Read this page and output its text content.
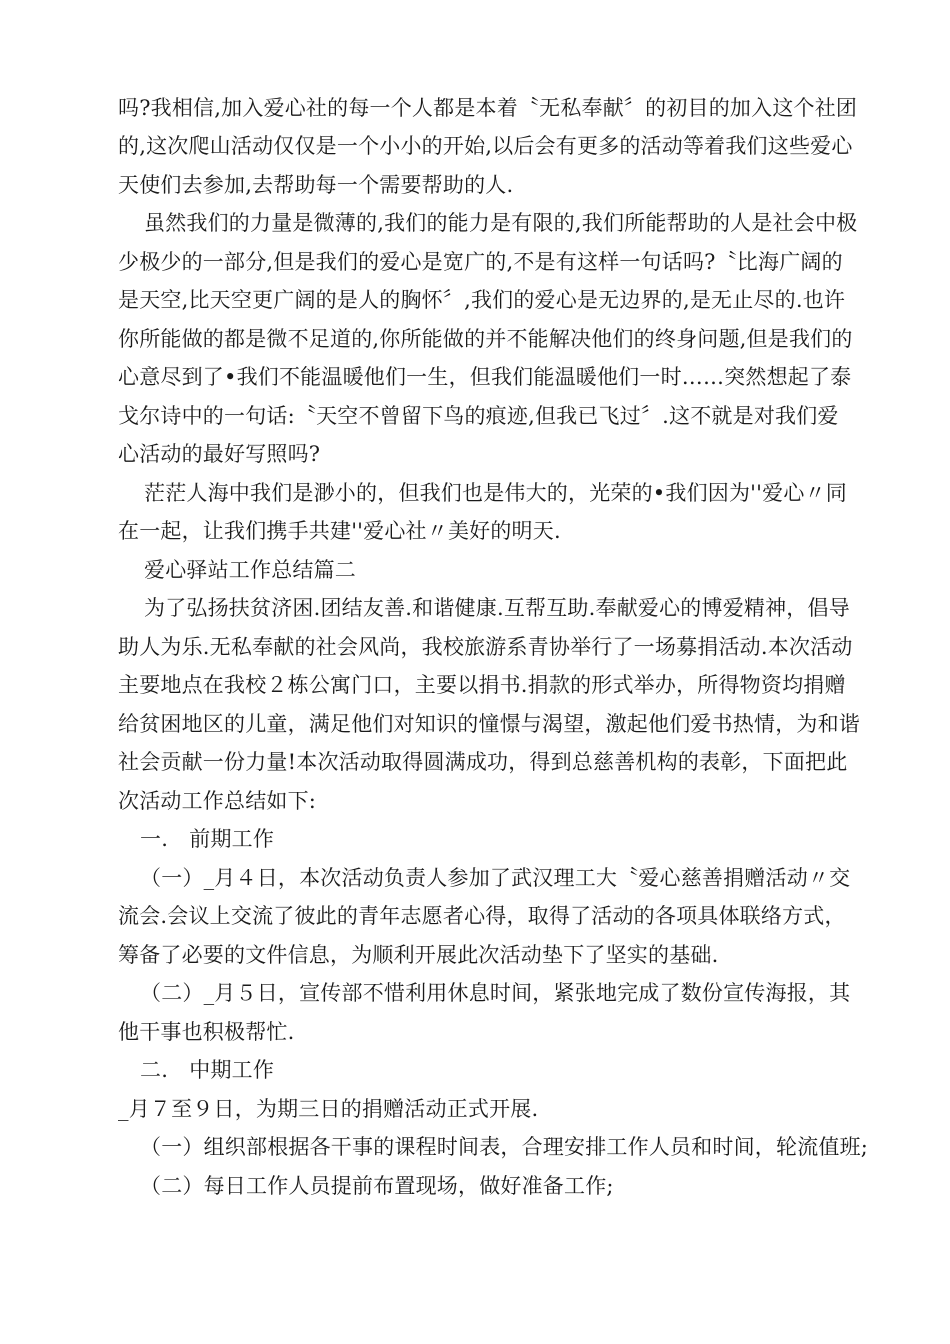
吗?我相信,加入爱心社的每一个人都是本着〝无私奉献〞的初目的加入这个社团
的,这次爬山活动仅仅是一个小小的开始,以后会有更多的活动等着我们这些爱心
天使们去参加,去帮助每一个需要帮助的人.
虽然我们的力量是微薄的,我们的能力是有限的,我们所能帮助的人是社会中极
少极少的一部分,但是我们的爱心是宽广的,不是有这样一句话吗?〝比海广阔的
是天空,比天空更广阔的是人的胸怀〞,我们的爱心是无边界的,是无止尽的.也许
你所能做的都是微不足道的,你所能做的并不能解决他们的终身问题,但是我们的
心意尽到了•我们不能温暖他们一生，但我们能温暖他们一时……突然想起了泰
戈尔诗中的一句话:〝天空不曾留下鸟的痕迹,但我已飞过〞.这不就是对我们爱
心活动的最好写照吗?
茫茫人海中我们是渺小的，但我们也是伟大的，光荣的•我们因为''爱心〃同
在一起，让我们携手共建''爱心社〃美好的明天.
爱心驿站工作总结篇二
为了弘扬扶贫济困.团结友善.和谐健康.互帮互助.奉献爱心的博爱精神，倡导
助人为乐.无私奉献的社会风尚，我校旅游系青协举行了一场募捐活动.本次活动
主要地点在我校２栋公寓门口，主要以捐书.捐款的形式举办，所得物资均捐赠
给贫困地区的儿童，满足他们对知识的憧憬与渴望，激起他们爱书热情，为和谐
社会贡献一份力量!本次活动取得圆满成功，得到总慈善机构的表彰，下面把此
次活动工作总结如下:
一.　前期工作
（一）_月４日，本次活动负责人参加了武汉理工大〝爱心慈善捐赠活动〃交
流会.会议上交流了彼此的青年志愿者心得，取得了活动的各项具体联络方式，
筹备了必要的文件信息，为顺利开展此次活动垫下了坚实的基础.
（二）_月５日，宣传部不惜利用休息时间，紧张地完成了数份宣传海报，其
他干事也积极帮忙.
二.　中期工作
_月７至９日，为期三日的捐赠活动正式开展.
（一）组织部根据各干事的课程时间表，合理安排工作人员和时间，轮流值班;
（二）每日工作人员提前布置现场，做好准备工作;
